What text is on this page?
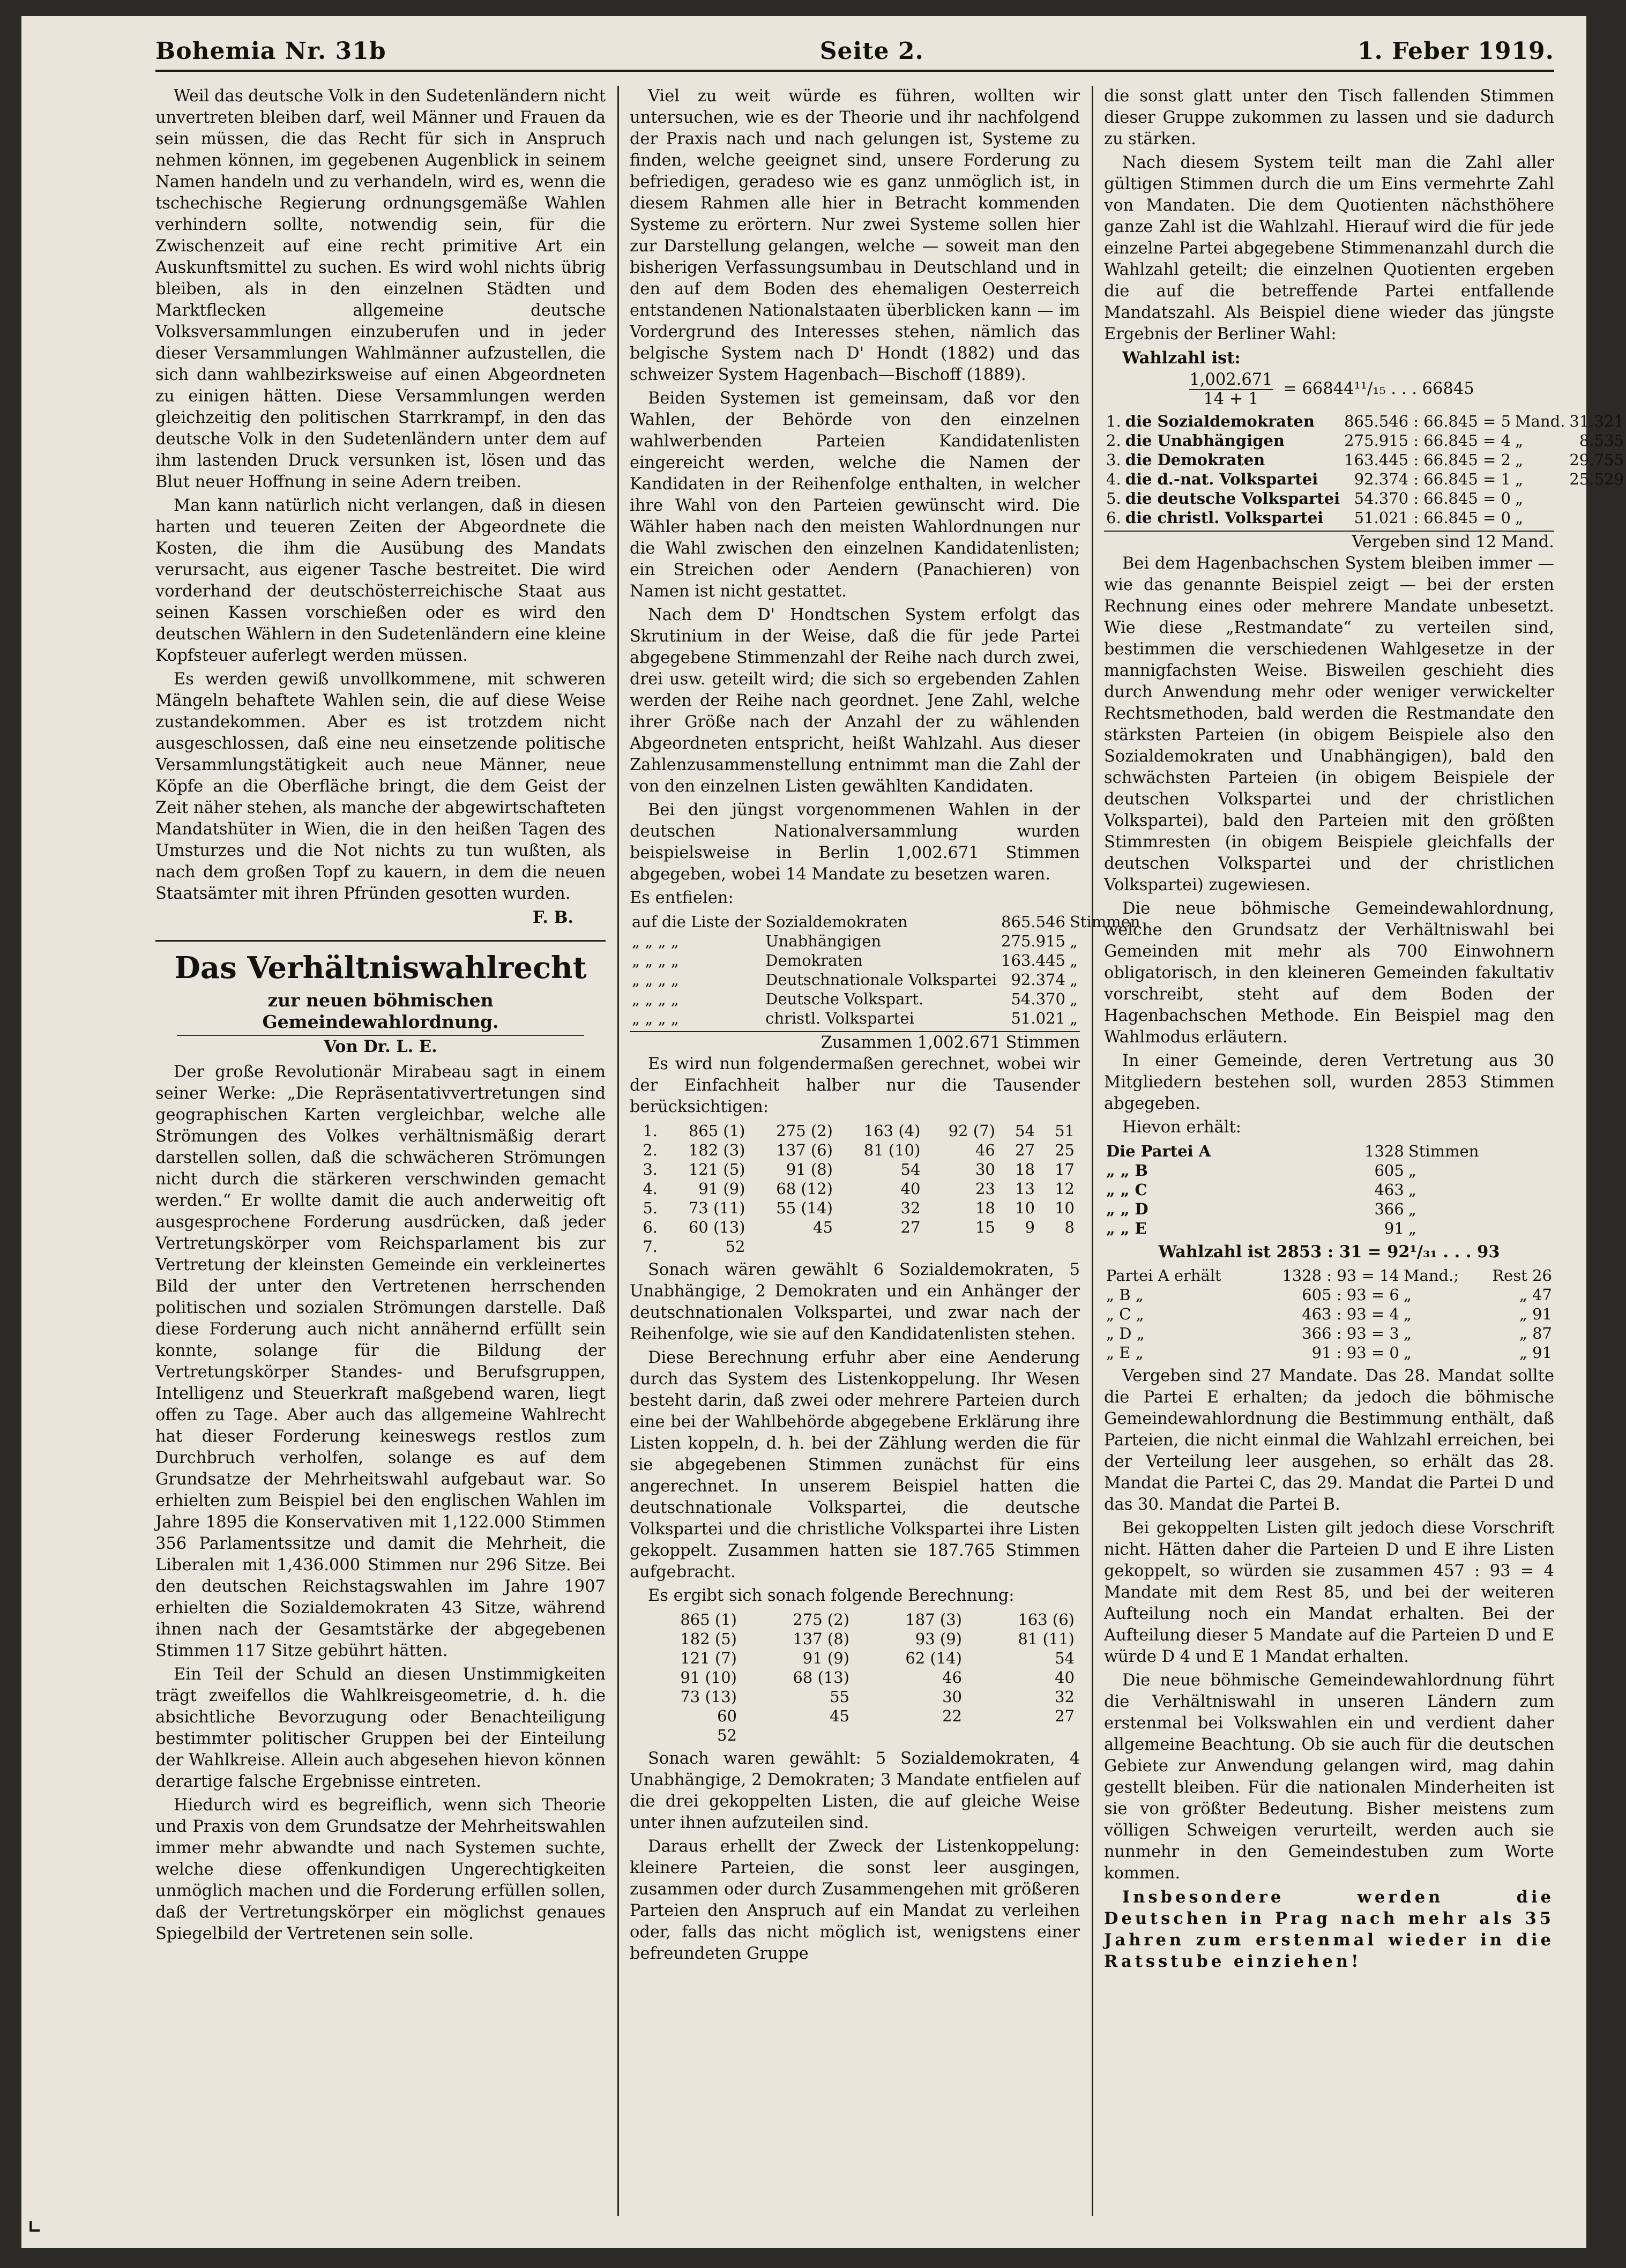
Bohemia Nr. 31b	Seite 2.	1. Feber 1919.

Weil das deutsche Volk in den Sudetenländern nicht unvertreten bleiben darf, weil Männer und Frauen da sein müssen, die das Recht für sich in Anspruch nehmen können, im gegebenen Augenblick in seinem Namen handeln und zu verhandeln, wird es, wenn die tschechische Regierung ordnungsgemäße Wahlen verhindern sollte, notwendig sein, für die Zwischenzeit auf eine recht primitive Art ein Auskunftsmittel zu suchen. Es wird wohl nichts übrig bleiben, als in den einzelnen Städten und Marktflecken allgemeine deutsche Volksversammlungen einzuberufen und in jeder dieser Versammlungen Wahlmänner aufzustellen, die sich dann wahlbezirksweise auf einen Abgeordneten zu einigen hätten. Diese Versammlungen werden gleichzeitig den politischen Starrkrampf, in den das deutsche Volk in den Sudetenländern unter dem auf ihm lastenden Druck versunken ist, lösen und das Blut neuer Hoffnung in seine Adern treiben.

Man kann natürlich nicht verlangen, daß in diesen harten und teueren Zeiten der Abgeordnete die Kosten, die ihm die Ausübung des Mandats verursacht, aus eigener Tasche bestreitet. Die wird vorderhand der deutschösterreichische Staat aus seinen Kassen vorschießen oder es wird den deutschen Wählern in den Sudetenländern eine kleine Kopfsteuer auferlegt werden müssen.

Es werden gewiß unvollkommene, mit schweren Mängeln behaftete Wahlen sein, die auf diese Weise zustandekommen. Aber es ist trotzdem nicht ausgeschlossen, daß eine neu einsetzende politische Versammlungstätigkeit auch neue Männer, neue Köpfe an die Oberfläche bringt, die dem Geist der Zeit näher stehen, als manche der abgewirtschafteten Mandatshüter in Wien, die in den heißen Tagen des Umsturzes und die Not nichts zu tun wußten, als nach dem großen Topf zu kauern, in dem die neuen Staatsämter mit ihren Pfründen gesotten wurden.

F. B.
Das Verhältniswahlrecht
zur neuen böhmischen Gemeindewahlordnung.
Von Dr. L. E.

Der große Revolutionär Mirabeau sagt in einem seiner Werke: „Die Repräsentativvertretungen sind geographischen Karten vergleichbar, welche alle Strömungen des Volkes verhältnismäßig derart darstellen sollen, daß die schwächeren Strömungen nicht durch die stärkeren verschwinden gemacht werden.“ Er wollte damit die auch anderweitig oft ausgesprochene Forderung ausdrücken, daß jeder Vertretungskörper vom Reichsparlament bis zur Vertretung der kleinsten Gemeinde ein verkleinertes Bild der unter den Vertretenen herrschenden politischen und sozialen Strömungen darstelle. Daß diese Forderung auch nicht annähernd erfüllt sein konnte, solange für die Bildung der Vertretungskörper Standes- und Berufsgruppen, Intelligenz und Steuerkraft maßgebend waren, liegt offen zu Tage. Aber auch das allgemeine Wahlrecht hat dieser Forderung keineswegs restlos zum Durchbruch verholfen, solange es auf dem Grundsatze der Mehrheitswahl aufgebaut war. So erhielten zum Beispiel bei den englischen Wahlen im Jahre 1895 die Konservativen mit 1,122.000 Stimmen 356 Parlamentssitze und damit die Mehrheit, die Liberalen mit 1,436.000 Stimmen nur 296 Sitze. Bei den deutschen Reichstagswahlen im Jahre 1907 erhielten die Sozialdemokraten 43 Sitze, während ihnen nach der Gesamtstärke der abgegebenen Stimmen 117 Sitze gebührt hätten.

Ein Teil der Schuld an diesen Unstimmigkeiten trägt zweifellos die Wahlkreisgeometrie, d. h. die absichtliche Bevorzugung oder Benachteiligung bestimmter politischer Gruppen bei der Einteilung der Wahlkreise. Allein auch abgesehen hievon können derartige falsche Ergebnisse eintreten.

Hiedurch wird es begreiflich, wenn sich Theorie und Praxis von dem Grundsatze der Mehrheitswahlen immer mehr abwandte und nach Systemen suchte, welche diese offenkundigen Ungerechtigkeiten unmöglich machen und die Forderung erfüllen sollen, daß der Vertretungskörper ein möglichst genaues Spiegelbild der Vertretenen sein solle.

Viel zu weit würde es führen, wollten wir untersuchen, wie es der Theorie und ihr nachfolgend der Praxis nach und nach gelungen ist, Systeme zu finden, welche geeignet sind, unsere Forderung zu befriedigen, geradeso wie es ganz unmöglich ist, in diesem Rahmen alle hier in Betracht kommenden Systeme zu erörtern. Nur zwei Systeme sollen hier zur Darstellung gelangen, welche — soweit man den bisherigen Verfassungsumbau in Deutschland und in den auf dem Boden des ehemaligen Oesterreich entstandenen Nationalstaaten überblicken kann — im Vordergrund des Interesses stehen, nämlich das belgische System nach D' Hondt (1882) und das schweizer System Hagenbach—Bischoff (1889).

Beiden Systemen ist gemeinsam, daß vor den Wahlen, der Behörde von den einzelnen wahlwerbenden Parteien Kandidatenlisten eingereicht werden, welche die Namen der Kandidaten in der Reihenfolge enthalten, in welcher ihre Wahl von den Parteien gewünscht wird. Die Wähler haben nach den meisten Wahlordnungen nur die Wahl zwischen den einzelnen Kandidatenlisten; ein Streichen oder Aendern (Panachieren) von Namen ist nicht gestattet.

Nach dem D' Hondtschen System erfolgt das Skrutinium in der Weise, daß die für jede Partei abgegebene Stimmenzahl der Reihe nach durch zwei, drei usw. geteilt wird; die sich so ergebenden Zahlen werden der Reihe nach geordnet. Jene Zahl, welche ihrer Größe nach der Anzahl der zu wählenden Abgeordneten entspricht, heißt Wahlzahl. Aus dieser Zahlenzusammenstellung entnimmt man die Zahl der von den einzelnen Listen gewählten Kandidaten.

Bei den jüngst vorgenommenen Wahlen in der deutschen Nationalversammlung wurden beispielsweise in Berlin 1,002.671 Stimmen abgegeben, wobei 14 Mandate zu besetzen waren.

Es entfielen:

auf die Liste der	Sozialdemokraten	865.546	Stimmen
„ „ „ „	Unabhängigen	275.915	„
„ „ „ „	Demokraten	163.445	„
„ „ „ „	Deutschnationale Volkspartei	92.374	„
„ „ „ „	Deutsche Volkspart.	54.370	„
„ „ „ „	christl. Volkspartei	51.021	„
Zusammen 1,002.671 Stimmen

Es wird nun folgendermaßen gerechnet, wobei wir der Einfachheit halber nur die Tausender berücksichtigen:

1.	865 (1)	275 (2)	163 (4)	92 (7)	54	51
2.	182 (3)	137 (6)	81 (10)	46	27	25
3.	121 (5)	91 (8)	54	30	18	17
4.	91 (9)	68 (12)	40	23	13	12
5.	73 (11)	55 (14)	32	18	10	10
6.	60 (13)	45	27	15	9	8
7.	52					

Sonach wären gewählt 6 Sozialdemokraten, 5 Unabhängige, 2 Demokraten und ein Anhänger der deutschnationalen Volkspartei, und zwar nach der Reihenfolge, wie sie auf den Kandidatenlisten stehen.

Diese Berechnung erfuhr aber eine Aenderung durch das System des Listenkoppelung. Ihr Wesen besteht darin, daß zwei oder mehrere Parteien durch eine bei der Wahlbehörde abgegebene Erklärung ihre Listen koppeln, d. h. bei der Zählung werden die für sie abgegebenen Stimmen zunächst für eins angerechnet. In unserem Beispiel hatten die deutschnationale Volkspartei, die deutsche Volkspartei und die christliche Volkspartei ihre Listen gekoppelt. Zusammen hatten sie 187.765 Stimmen aufgebracht.

Es ergibt sich sonach folgende Berechnung:

865 (1)	275 (2)	187 (3)	163 (6)
182 (5)	137 (8)	93 (9)	81 (11)
121 (7)	91 (9)	62 (14)	54
91 (10)	68 (13)	46	40
73 (13)	55	30	32
60	45	22	27
52			

Sonach waren gewählt: 5 Sozialdemokraten, 4 Unabhängige, 2 Demokraten; 3 Mandate entfielen auf die drei gekoppelten Listen, die auf gleiche Weise unter ihnen aufzuteilen sind.

Daraus erhellt der Zweck der Listenkoppelung: kleinere Parteien, die sonst leer ausgingen, zusammen oder durch Zusammengehen mit größeren Parteien den Anspruch auf ein Mandat zu verleihen oder, falls das nicht möglich ist, wenigstens einer befreundeten Gruppe

die sonst glatt unter den Tisch fallenden Stimmen dieser Gruppe zukommen zu lassen und sie dadurch zu stärken.

Nach diesem System teilt man die Zahl aller gültigen Stimmen durch die um Eins vermehrte Zahl von Mandaten. Die dem Quotienten nächsthöhere ganze Zahl ist die Wahlzahl. Hierauf wird die für jede einzelne Partei abgegebene Stimmenanzahl durch die Wahlzahl geteilt; die einzelnen Quotienten ergeben die auf die betreffende Partei entfallende Mandatszahl. Als Beispiel diene wieder das jüngste Ergebnis der Berliner Wahl:

Wahlzahl ist:

$\frac{1,002.671}{14 + 1} = 66844^{11}/_{15}$ . . . 66845
1.	die Sozialdemokraten	865.546 : 66.845 = 5	Mand.	31.321
2.	die Unabhängigen	275.915 : 66.845 = 4	„	8.535
3.	die Demokraten	163.445 : 66.845 = 2	„	29.755
4.	die d.-nat. Volkspartei	92.374 : 66.845 = 1	„	25.529
5.	die deutsche Volkspartei	54.370 : 66.845 = 0	„	
6.	die christl. Volkspartei	51.021 : 66.845 = 0	„	
Vergeben sind 12 Mand.

Bei dem Hagenbachschen System bleiben immer — wie das genannte Beispiel zeigt — bei der ersten Rechnung eines oder mehrere Mandate unbesetzt. Wie diese „Restmandate“ zu verteilen sind, bestimmen die verschiedenen Wahlgesetze in der mannigfachsten Weise. Bisweilen geschieht dies durch Anwendung mehr oder weniger verwickelter Rechtsmethoden, bald werden die Restmandate den stärksten Parteien (in obigem Beispiele also den Sozialdemokraten und Unabhängigen), bald den schwächsten Parteien (in obigem Beispiele der deutschen Volkspartei und der christlichen Volkspartei), bald den Parteien mit den größten Stimmresten (in obigem Beispiele gleichfalls der deutschen Volkspartei und der christlichen Volkspartei) zugewiesen.

Die neue böhmische Gemeindewahlordnung, welche den Grundsatz der Verhältniswahl bei Gemeinden mit mehr als 700 Einwohnern obligatorisch, in den kleineren Gemeinden fakultativ vorschreibt, steht auf dem Boden der Hagenbachschen Methode. Ein Beispiel mag den Wahlmodus erläutern.

In einer Gemeinde, deren Vertretung aus 30 Mitgliedern bestehen soll, wurden 2853 Stimmen abgegeben.

Hievon erhält:

Die Partei A	1328	Stimmen
„ „ B	605	„
„ „ C	463	„
„ „ D	366	„
„ „ E	91	„
Wahlzahl ist 2853 : 31 = 92¹/₃₁ . . . 93
Partei A erhält	1328 : 93 = 14	Mand.;	Rest 26
„ B „	605 : 93 = 6	„	„ 47
„ C „	463 : 93 = 4	„	„ 91
„ D „	366 : 93 = 3	„	„ 87
„ E „	91 : 93 = 0	„	„ 91

Vergeben sind 27 Mandate. Das 28. Mandat sollte die Partei E erhalten; da jedoch die böhmische Gemeindewahlordnung die Bestimmung enthält, daß Parteien, die nicht einmal die Wahlzahl erreichen, bei der Verteilung leer ausgehen, so erhält das 28. Mandat die Partei C, das 29. Mandat die Partei D und das 30. Mandat die Partei B.

Bei gekoppelten Listen gilt jedoch diese Vorschrift nicht. Hätten daher die Parteien D und E ihre Listen gekoppelt, so würden sie zusammen 457 : 93 = 4 Mandate mit dem Rest 85, und bei der weiteren Aufteilung noch ein Mandat erhalten. Bei der Aufteilung dieser 5 Mandate auf die Parteien D und E würde D 4 und E 1 Mandat erhalten.

Die neue böhmische Gemeindewahlordnung führt die Verhältniswahl in unseren Ländern zum erstenmal bei Volkswahlen ein und verdient daher allgemeine Beachtung. Ob sie auch für die deutschen Gebiete zur Anwendung gelangen wird, mag dahin gestellt bleiben. Für die nationalen Minderheiten ist sie von größter Bedeutung. Bisher meistens zum völligen Schweigen verurteilt, werden auch sie nunmehr in den Gemeindestuben zum Worte kommen.

Insbesondere werden die Deutschen in Prag nach mehr als 35 Jahren zum erstenmal wieder in die Ratsstube einziehen!

⌞
